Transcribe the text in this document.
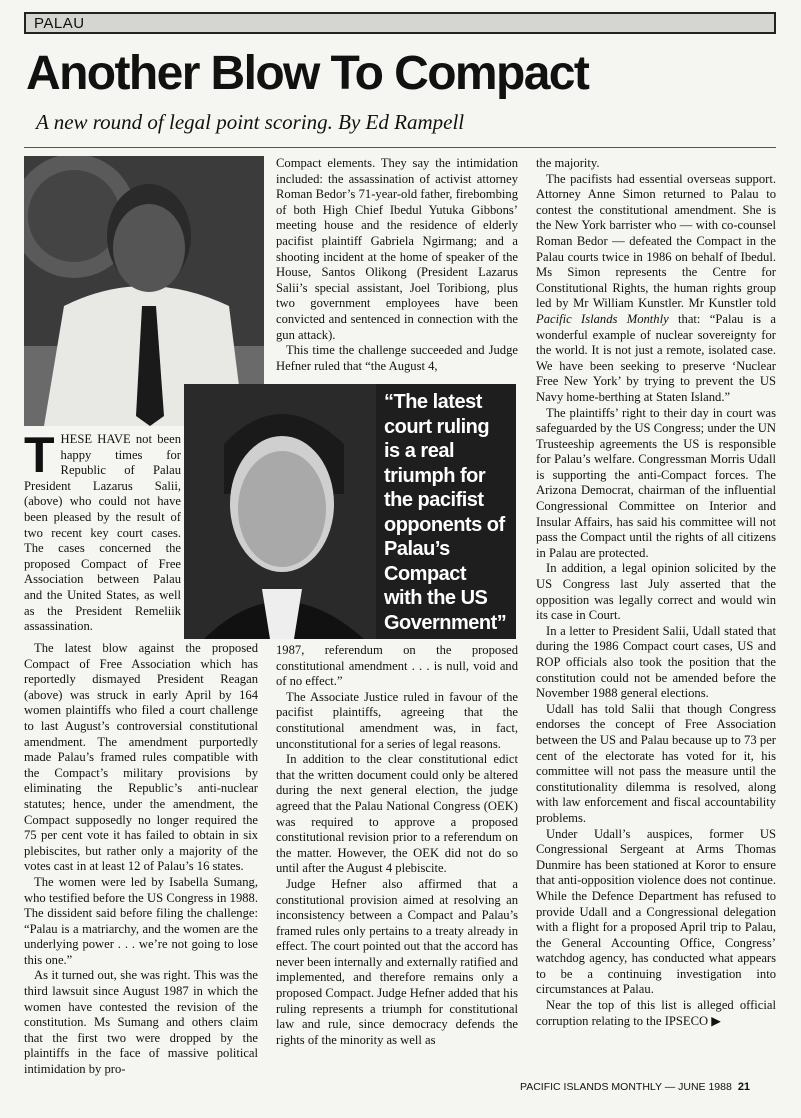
PALAU
Another Blow To Compact
A new round of legal point scoring. By Ed Rampell
“The latest court ruling is a real triumph for the pacifist opponents of Palau’s Compact with the US Government”

THESE HAVE not been happy times for Republic of Palau President Lazarus Salii, (above) who could not have been pleased by the result of two recent key court cases. The cases concerned the proposed Compact of Free Association between Palau and the United States, as well as the President Remeliik assassination.

The latest blow against the proposed Compact of Free Association which has reportedly dismayed President Reagan (above) was struck in early April by 164 women plaintiffs who filed a court challenge to last August’s controversial constitutional amendment. The amendment purportedly made Palau’s framed rules compatible with the Compact’s military provisions by eliminating the Republic’s anti-nuclear statutes; hence, under the amendment, the Compact supposedly no longer required the 75 per cent vote it has failed to obtain in six plebiscites, but rather only a majority of the votes cast in at least 12 of Palau’s 16 states.

The women were led by Isabella Sumang, who testified before the US Congress in 1988. The dissident said before filing the challenge: “Palau is a matriarchy, and the women are the underlying power . . . we’re not going to lose this one.”

As it turned out, she was right. This was the third lawsuit since August 1987 in which the women have contested the revision of the constitution. Ms Sumang and others claim that the first two were dropped by the plaintiffs in the face of massive political intimidation by pro-

Compact elements. They say the intimidation included: the assassination of activist attorney Roman Bedor’s 71-year-old father, firebombing of both High Chief Ibedul Yutuka Gibbons’ meeting house and the residence of elderly pacifist plaintiff Gabriela Ngirmang; and a shooting incident at the home of speaker of the House, Santos Olikong (President Lazarus Salii’s special assistant, Joel Toribiong, plus two government employees have been convicted and sentenced in connection with the gun attack).

This time the challenge succeeded and Judge Hefner ruled that “the August 4,

1987, referendum on the proposed constitutional amendment . . . is null, void and of no effect.”

The Associate Justice ruled in favour of the pacifist plaintiffs, agreeing that the constitutional amendment was, in fact, unconstitutional for a series of legal reasons.

In addition to the clear constitutional edict that the written document could only be altered during the next general election, the judge agreed that the Palau National Congress (OEK) was required to approve a proposed constitutional revision prior to a referendum on the matter. However, the OEK did not do so until after the August 4 plebiscite.

Judge Hefner also affirmed that a constitutional provision aimed at resolving an inconsistency between a Compact and Palau’s framed rules only pertains to a treaty already in effect. The court pointed out that the accord has never been internally and externally ratified and implemented, and therefore remains only a proposed Compact. Judge Hefner added that his ruling represents a triumph for constitutional law and rule, since democracy defends the rights of the minority as well as

the majority.

The pacifists had essential overseas support. Attorney Anne Simon returned to Palau to contest the constitutional amendment. She is the New York barrister who — with co-counsel Roman Bedor — defeated the Compact in the Palau courts twice in 1986 on behalf of Ibedul. Ms Simon represents the Centre for Constitutional Rights, the human rights group led by Mr William Kunstler. Mr Kunstler told Pacific Islands Monthly that: “Palau is a wonderful example of nuclear sovereignty for the world. It is not just a remote, isolated case. We have been seeking to preserve ‘Nuclear Free New York’ by trying to prevent the US Navy home-berthing at Staten Island.”

The plaintiffs’ right to their day in court was safeguarded by the US Congress; under the UN Trusteeship agreements the US is responsible for Palau’s welfare. Congressman Morris Udall is supporting the anti-Compact forces. The Arizona Democrat, chairman of the influential Congressional Committee on Interior and Insular Affairs, has said his committee will not pass the Compact until the rights of all citizens in Palau are protected.

In addition, a legal opinion solicited by the US Congress last July asserted that the opposition was legally correct and would win its case in Court.

In a letter to President Salii, Udall stated that during the 1986 Compact court cases, US and ROP officials also took the position that the constitution could not be amended before the November 1988 general elections.

Udall has told Salii that though Congress endorses the concept of Free Association between the US and Palau because up to 73 per cent of the electorate has voted for it, his committee will not pass the measure until the constitutionality dilemma is resolved, along with law enforcement and fiscal accountability problems.

Under Udall’s auspices, former US Congressional Sergeant at Arms Thomas Dunmire has been stationed at Koror to ensure that anti-opposition violence does not continue. While the Defence Department has refused to provide Udall and a Congressional delegation with a flight for a proposed April trip to Palau, the General Accounting Office, Congress’ watchdog agency, has conducted what appears to be a continuing investigation into circumstances at Palau.

Near the top of this list is alleged official corruption relating to the IPSECO ▶

PACIFIC ISLANDS MONTHLY — JUNE 1988 21
